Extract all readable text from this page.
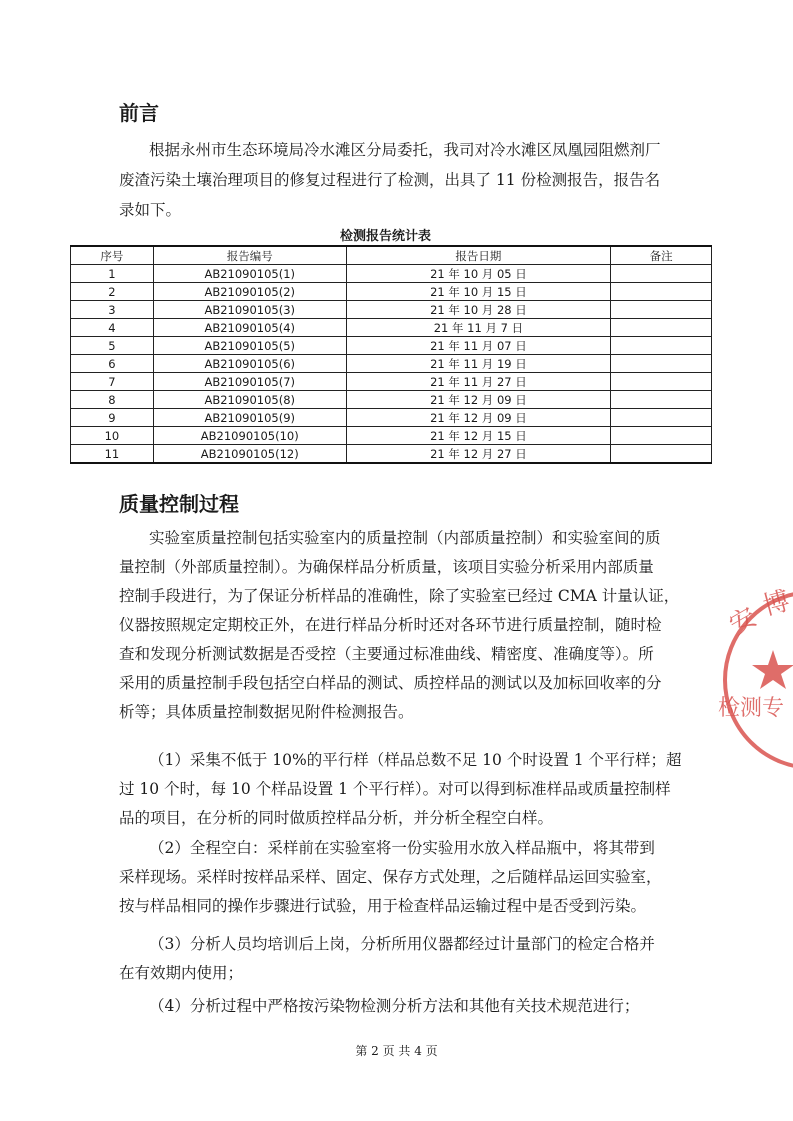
前言
根据永州市生态环境局冷水滩区分局委托，我司对冷水滩区凤凰园阻燃剂厂
废渣污染土壤治理项目的修复过程进行了检测，出具了 11 份检测报告，报告名
录如下。
检测报告统计表
序号	报告编号	报告日期	备注
1	AB21090105(1)	21 年 10 月 05 日	
2	AB21090105(2)	21 年 10 月 15 日	
3	AB21090105(3)	21 年 10 月 28 日	
4	AB21090105(4)	21 年 11 月 7 日	
5	AB21090105(5)	21 年 11 月 07 日	
6	AB21090105(6)	21 年 11 月 19 日	
7	AB21090105(7)	21 年 11 月 27 日	
8	AB21090105(8)	21 年 12 月 09 日	
9	AB21090105(9)	21 年 12 月 09 日	
10	AB21090105(10)	21 年 12 月 15 日	
11	AB21090105(12)	21 年 12 月 27 日	
质量控制过程
实验室质量控制包括实验室内的质量控制（内部质量控制）和实验室间的质
量控制（外部质量控制）。为确保样品分析质量，该项目实验分析采用内部质量
控制手段进行，为了保证分析样品的准确性，除了实验室已经过 CMA 计量认证，
仪器按照规定定期校正外，在进行样品分析时还对各环节进行质量控制，随时检
查和发现分析测试数据是否受控（主要通过标准曲线、精密度、准确度等）。所
采用的质量控制手段包括空白样品的测试、质控样品的测试以及加标回收率的分
析等；具体质量控制数据见附件检测报告。
（1）采集不低于 10%的平行样（样品总数不足 10 个时设置 1 个平行样；超
过 10 个时，每 10 个样品设置 1 个平行样）。对可以得到标准样品或质量控制样
品的项目，在分析的同时做质控样品分析，并分析全程空白样。
（2）全程空白：采样前在实验室将一份实验用水放入样品瓶中，将其带到
采样现场。采样时按样品采样、固定、保存方式处理，之后随样品运回实验室，
按与样品相同的操作步骤进行试验，用于检查样品运输过程中是否受到污染。
（3）分析人员均培训后上岗，分析所用仪器都经过计量部门的检定合格并
在有效期内使用；
（4）分析过程中严格按污染物检测分析方法和其他有关技术规范进行；
第 2 页 共 4 页
安
博
检测专
